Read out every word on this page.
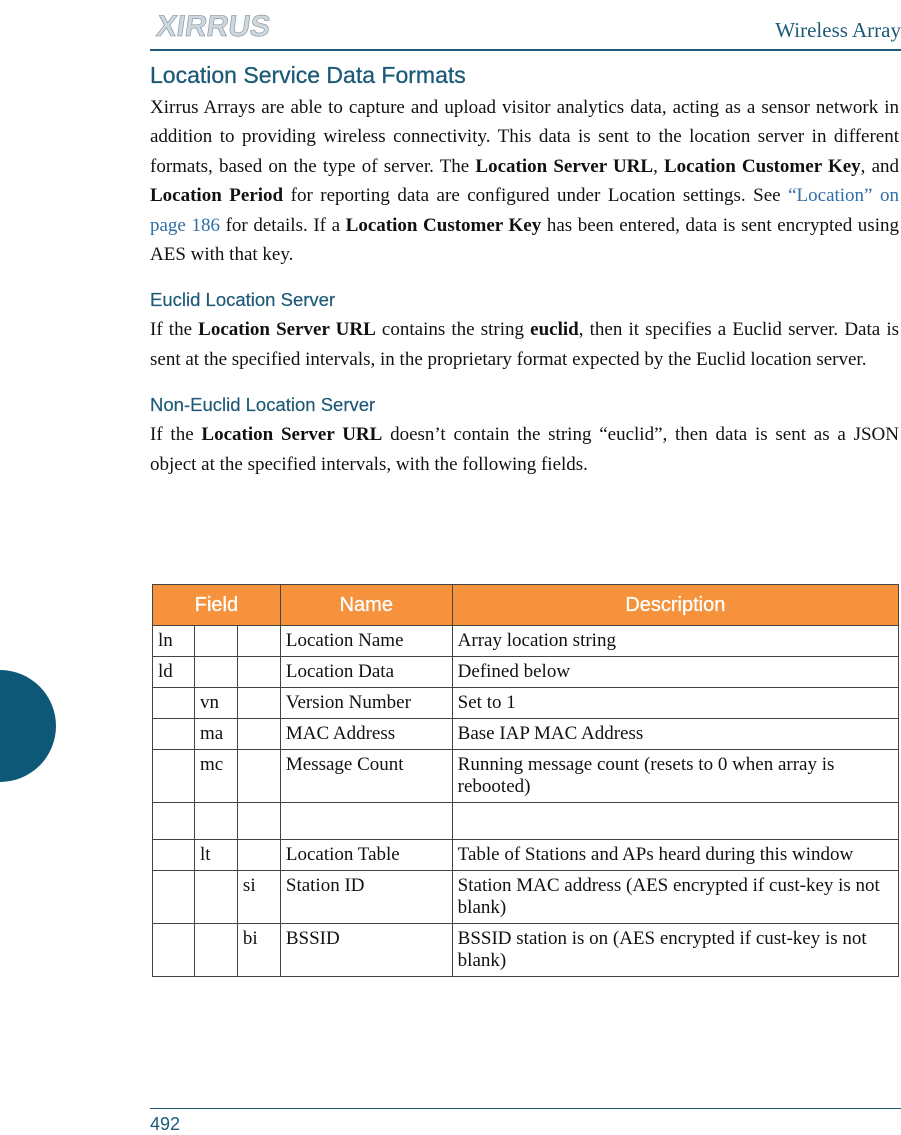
XIRRUS	Wireless Array
Location Service Data Formats

Xirrus Arrays are able to capture and upload visitor analytics data, acting as a sensor network in addition to providing wireless connectivity. This data is sent to the location server in different formats, based on the type of server. The Location Server URL, Location Customer Key, and Location Period for reporting data are configured under Location settings. See “Location” on page 186 for details. If a Location Customer Key has been entered, data is sent encrypted using AES with that key.

Euclid Location Server

If the Location Server URL contains the string euclid, then it specifies a Euclid server. Data is sent at the specified intervals, in the proprietary format expected by the Euclid location server.

Non-Euclid Location Server

If the Location Server URL doesn’t contain the string “euclid”, then data is sent as a JSON object at the specified intervals, with the following fields.

Field			Name	Description
ln			Location Name	Array location string
ld			Location Data	Defined below
	vn		Version Number	Set to 1
	ma		MAC Address	Base IAP MAC Address
	mc		Message Count	Running message count (resets to 0 when array is rebooted)

	lt		Location Table	Table of Stations and APs heard during this window
		si	Station ID	Station MAC address (AES encrypted if cust-key is not blank)
		bi	BSSID	BSSID station is on (AES encrypted if cust-key is not blank)
492
